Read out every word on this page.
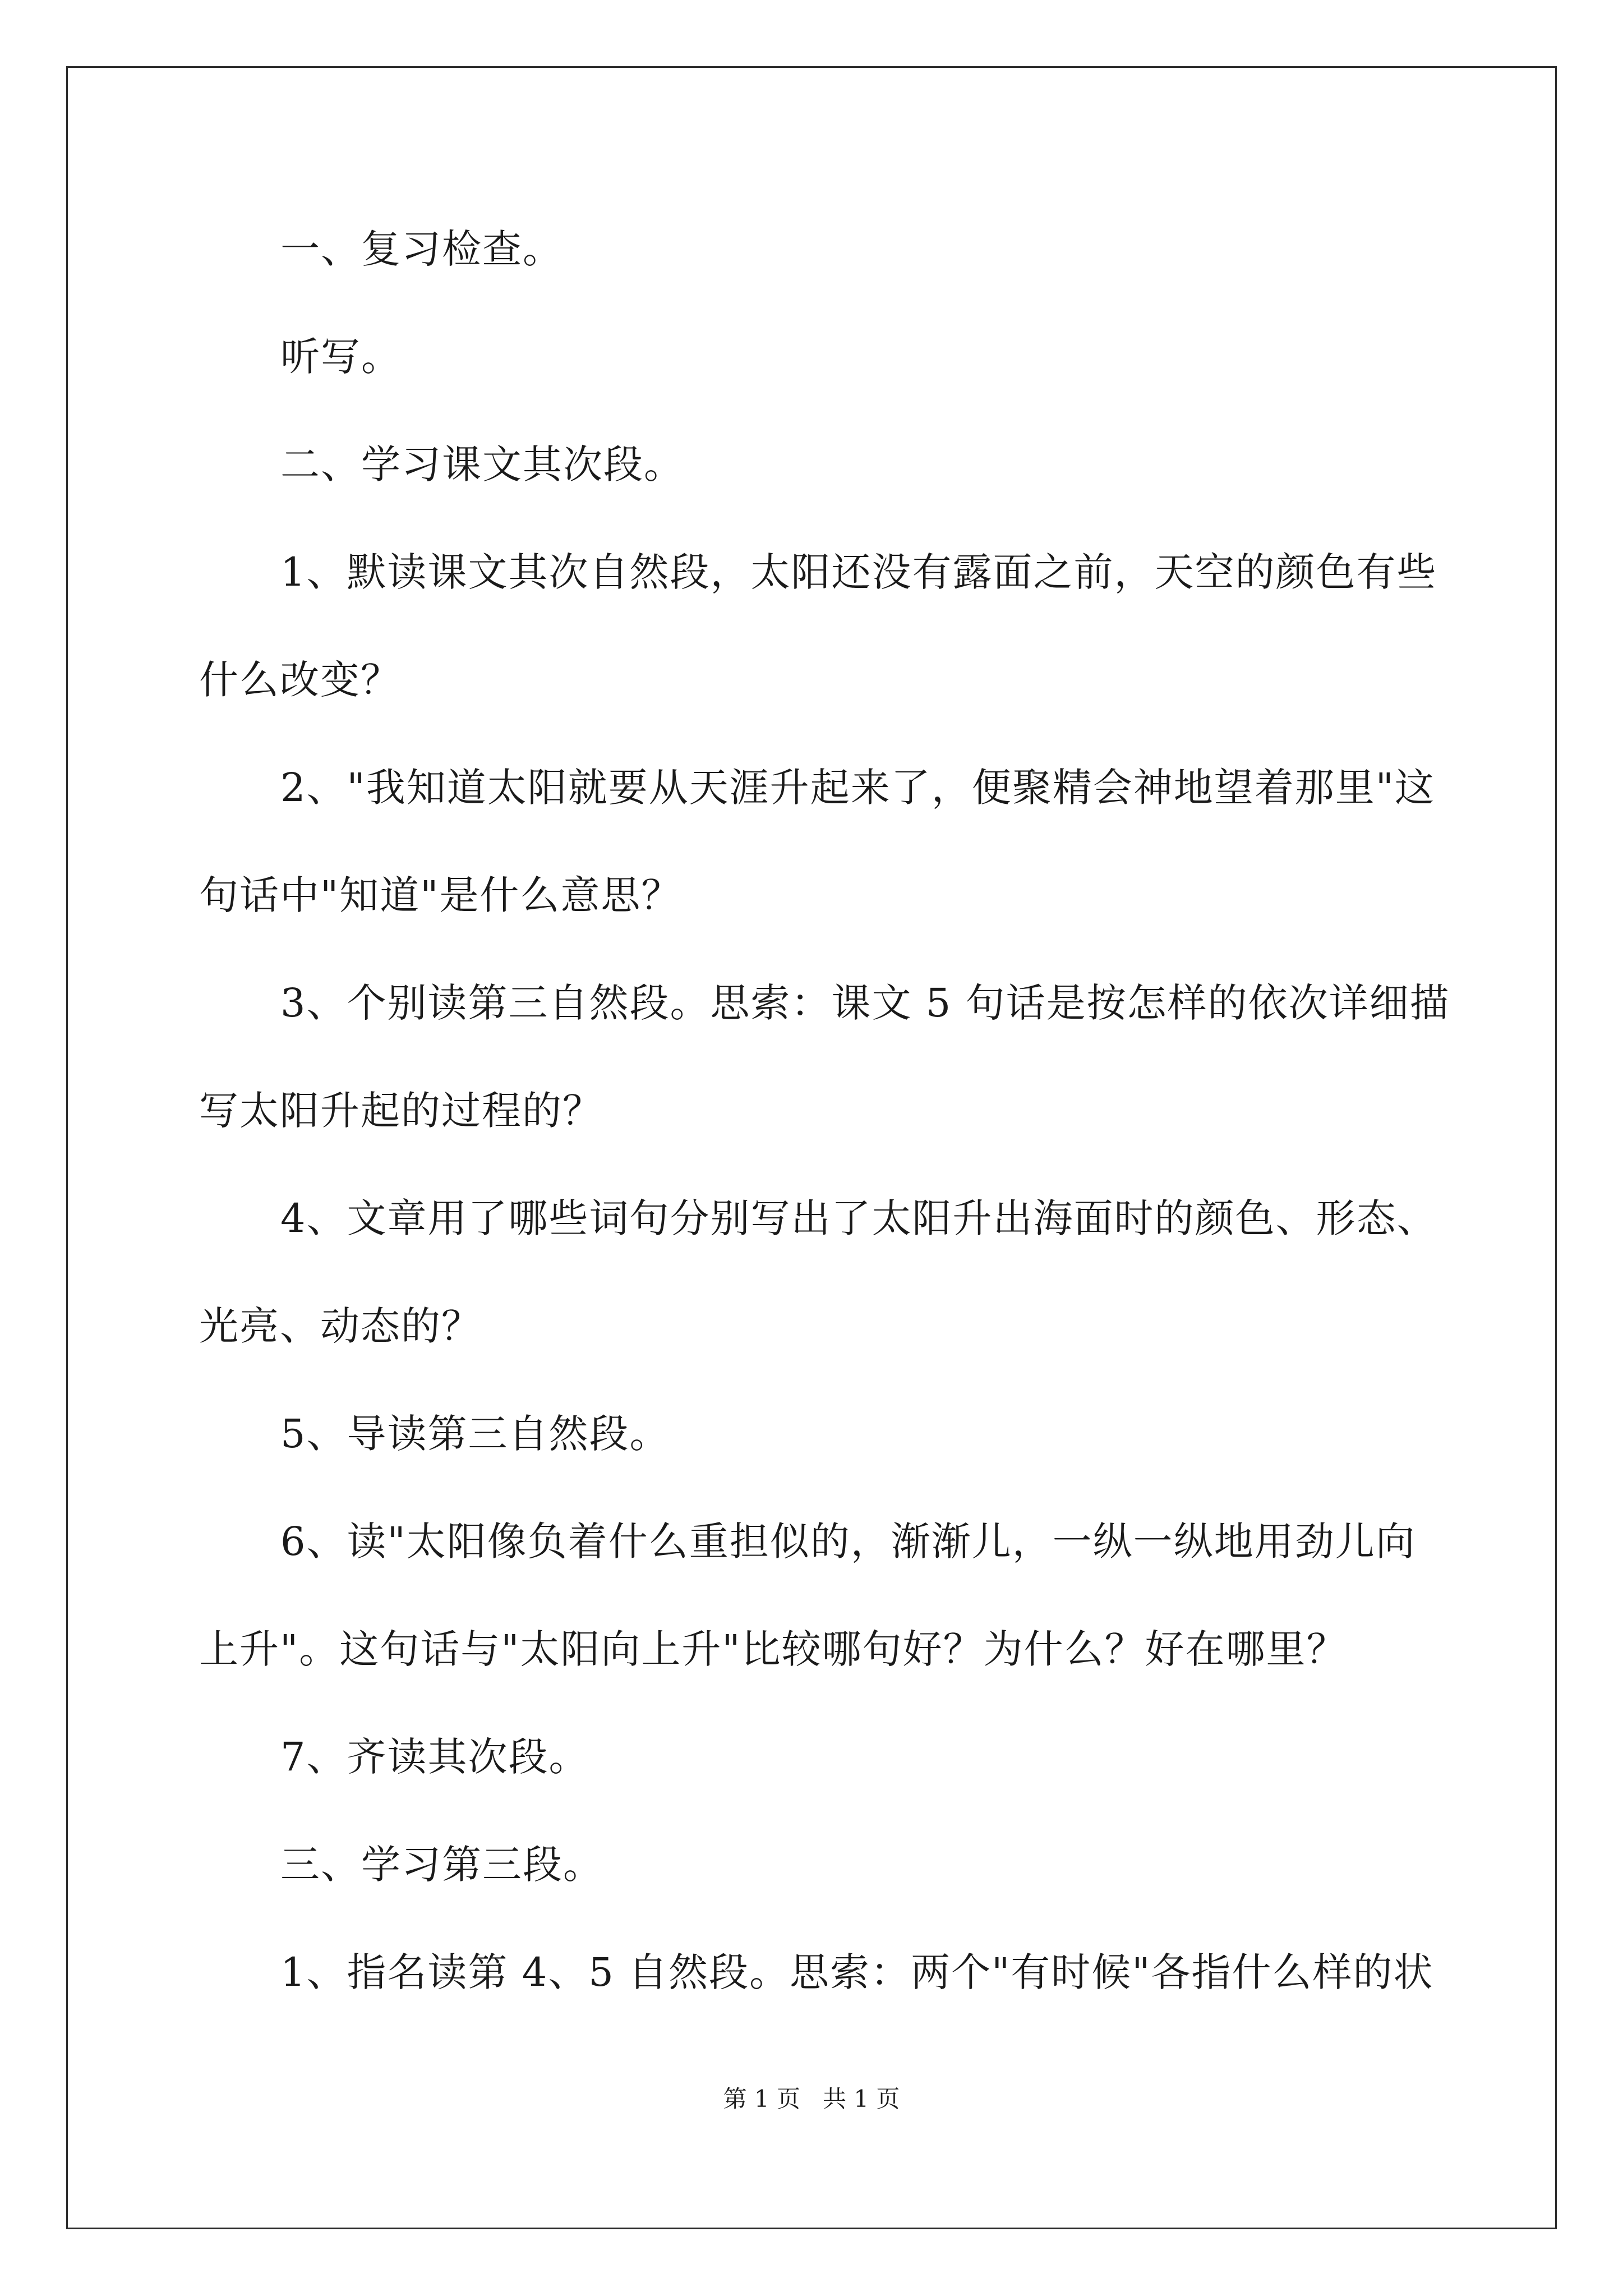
一、复习检查。
听写。
二、学习课文其次段。
1、默读课文其次自然段，太阳还没有露面之前，天空的颜色有些
什么改变？
2、"我知道太阳就要从天涯升起来了，便聚精会神地望着那里"这
句话中"知道"是什么意思？
3、个别读第三自然段。思索：课文 5 句话是按怎样的依次详细描
写太阳升起的过程的？
4、文章用了哪些词句分别写出了太阳升出海面时的颜色、形态、
光亮、动态的？
5、导读第三自然段。
6、读"太阳像负着什么重担似的，渐渐儿，一纵一纵地用劲儿向
上升"。这句话与"太阳向上升"比较哪句好？为什么？好在哪里？
7、齐读其次段。
三、学习第三段。
1、指名读第 4、5 自然段。思索：两个"有时候"各指什么样的状
第 1 页 共 1 页
